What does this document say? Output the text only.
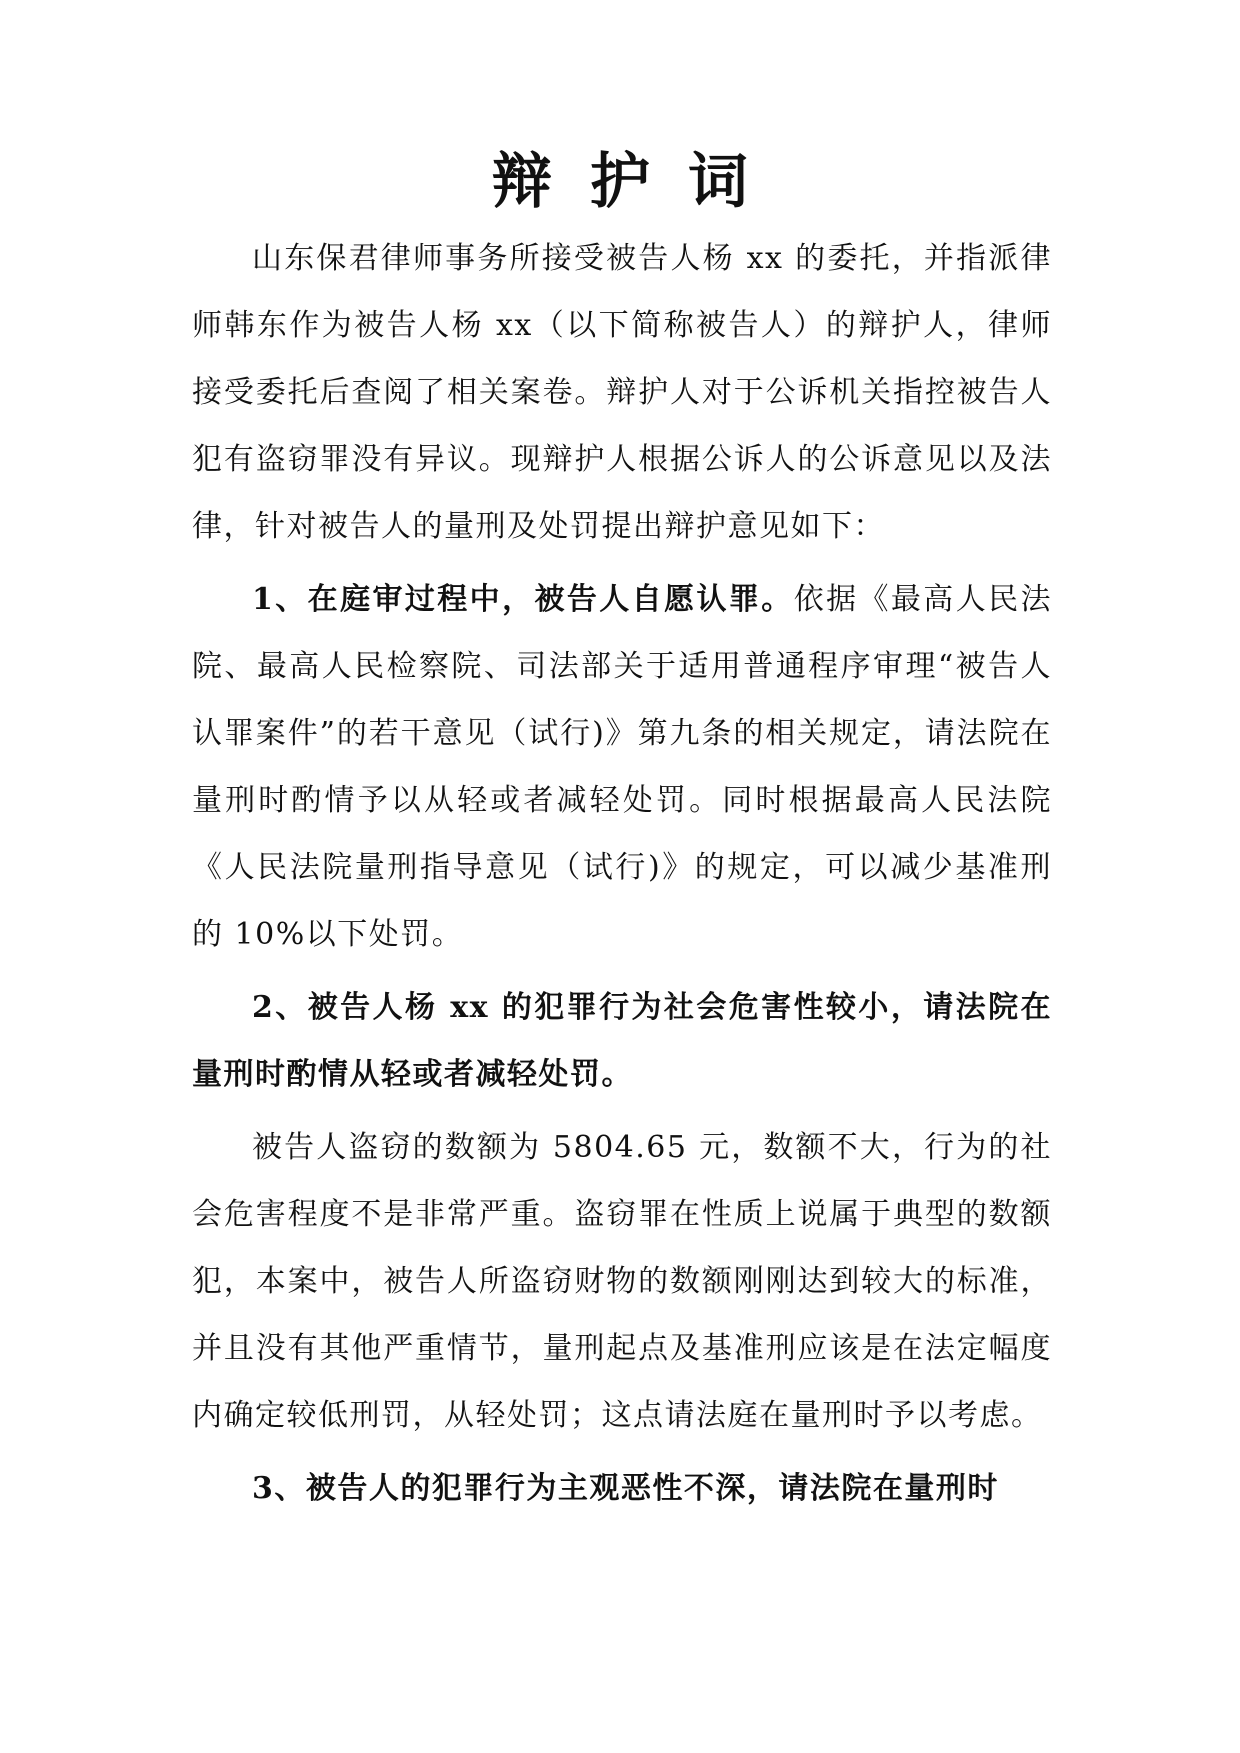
辩护词

山东保君律师事务所接受被告人杨 xx 的委托，并指派律师韩东作为被告人杨 xx（以下简称被告人）的辩护人，律师接受委托后查阅了相关案卷。辩护人对于公诉机关指控被告人犯有盗窃罪没有异议。现辩护人根据公诉人的公诉意见以及法律，针对被告人的量刑及处罚提出辩护意见如下：

1、在庭审过程中，被告人自愿认罪。依据《最高人民法院、最高人民检察院、司法部关于适用普通程序审理“被告人认罪案件”的若干意见（试行)》第九条的相关规定，请法院在量刑时酌情予以从轻或者减轻处罚。同时根据最高人民法院《人民法院量刑指导意见（试行)》的规定，可以减少基准刑的 10%以下处罚。

2、被告人杨 xx 的犯罪行为社会危害性较小，请法院在量刑时酌情从轻或者减轻处罚。

被告人盗窃的数额为 5804.65 元，数额不大，行为的社会危害程度不是非常严重。盗窃罪在性质上说属于典型的数额犯，本案中，被告人所盗窃财物的数额刚刚达到较大的标准，并且没有其他严重情节，量刑起点及基准刑应该是在法定幅度内确定较低刑罚，从轻处罚；这点请法庭在量刑时予以考虑。

3、被告人的犯罪行为主观恶性不深，请法院在量刑时
